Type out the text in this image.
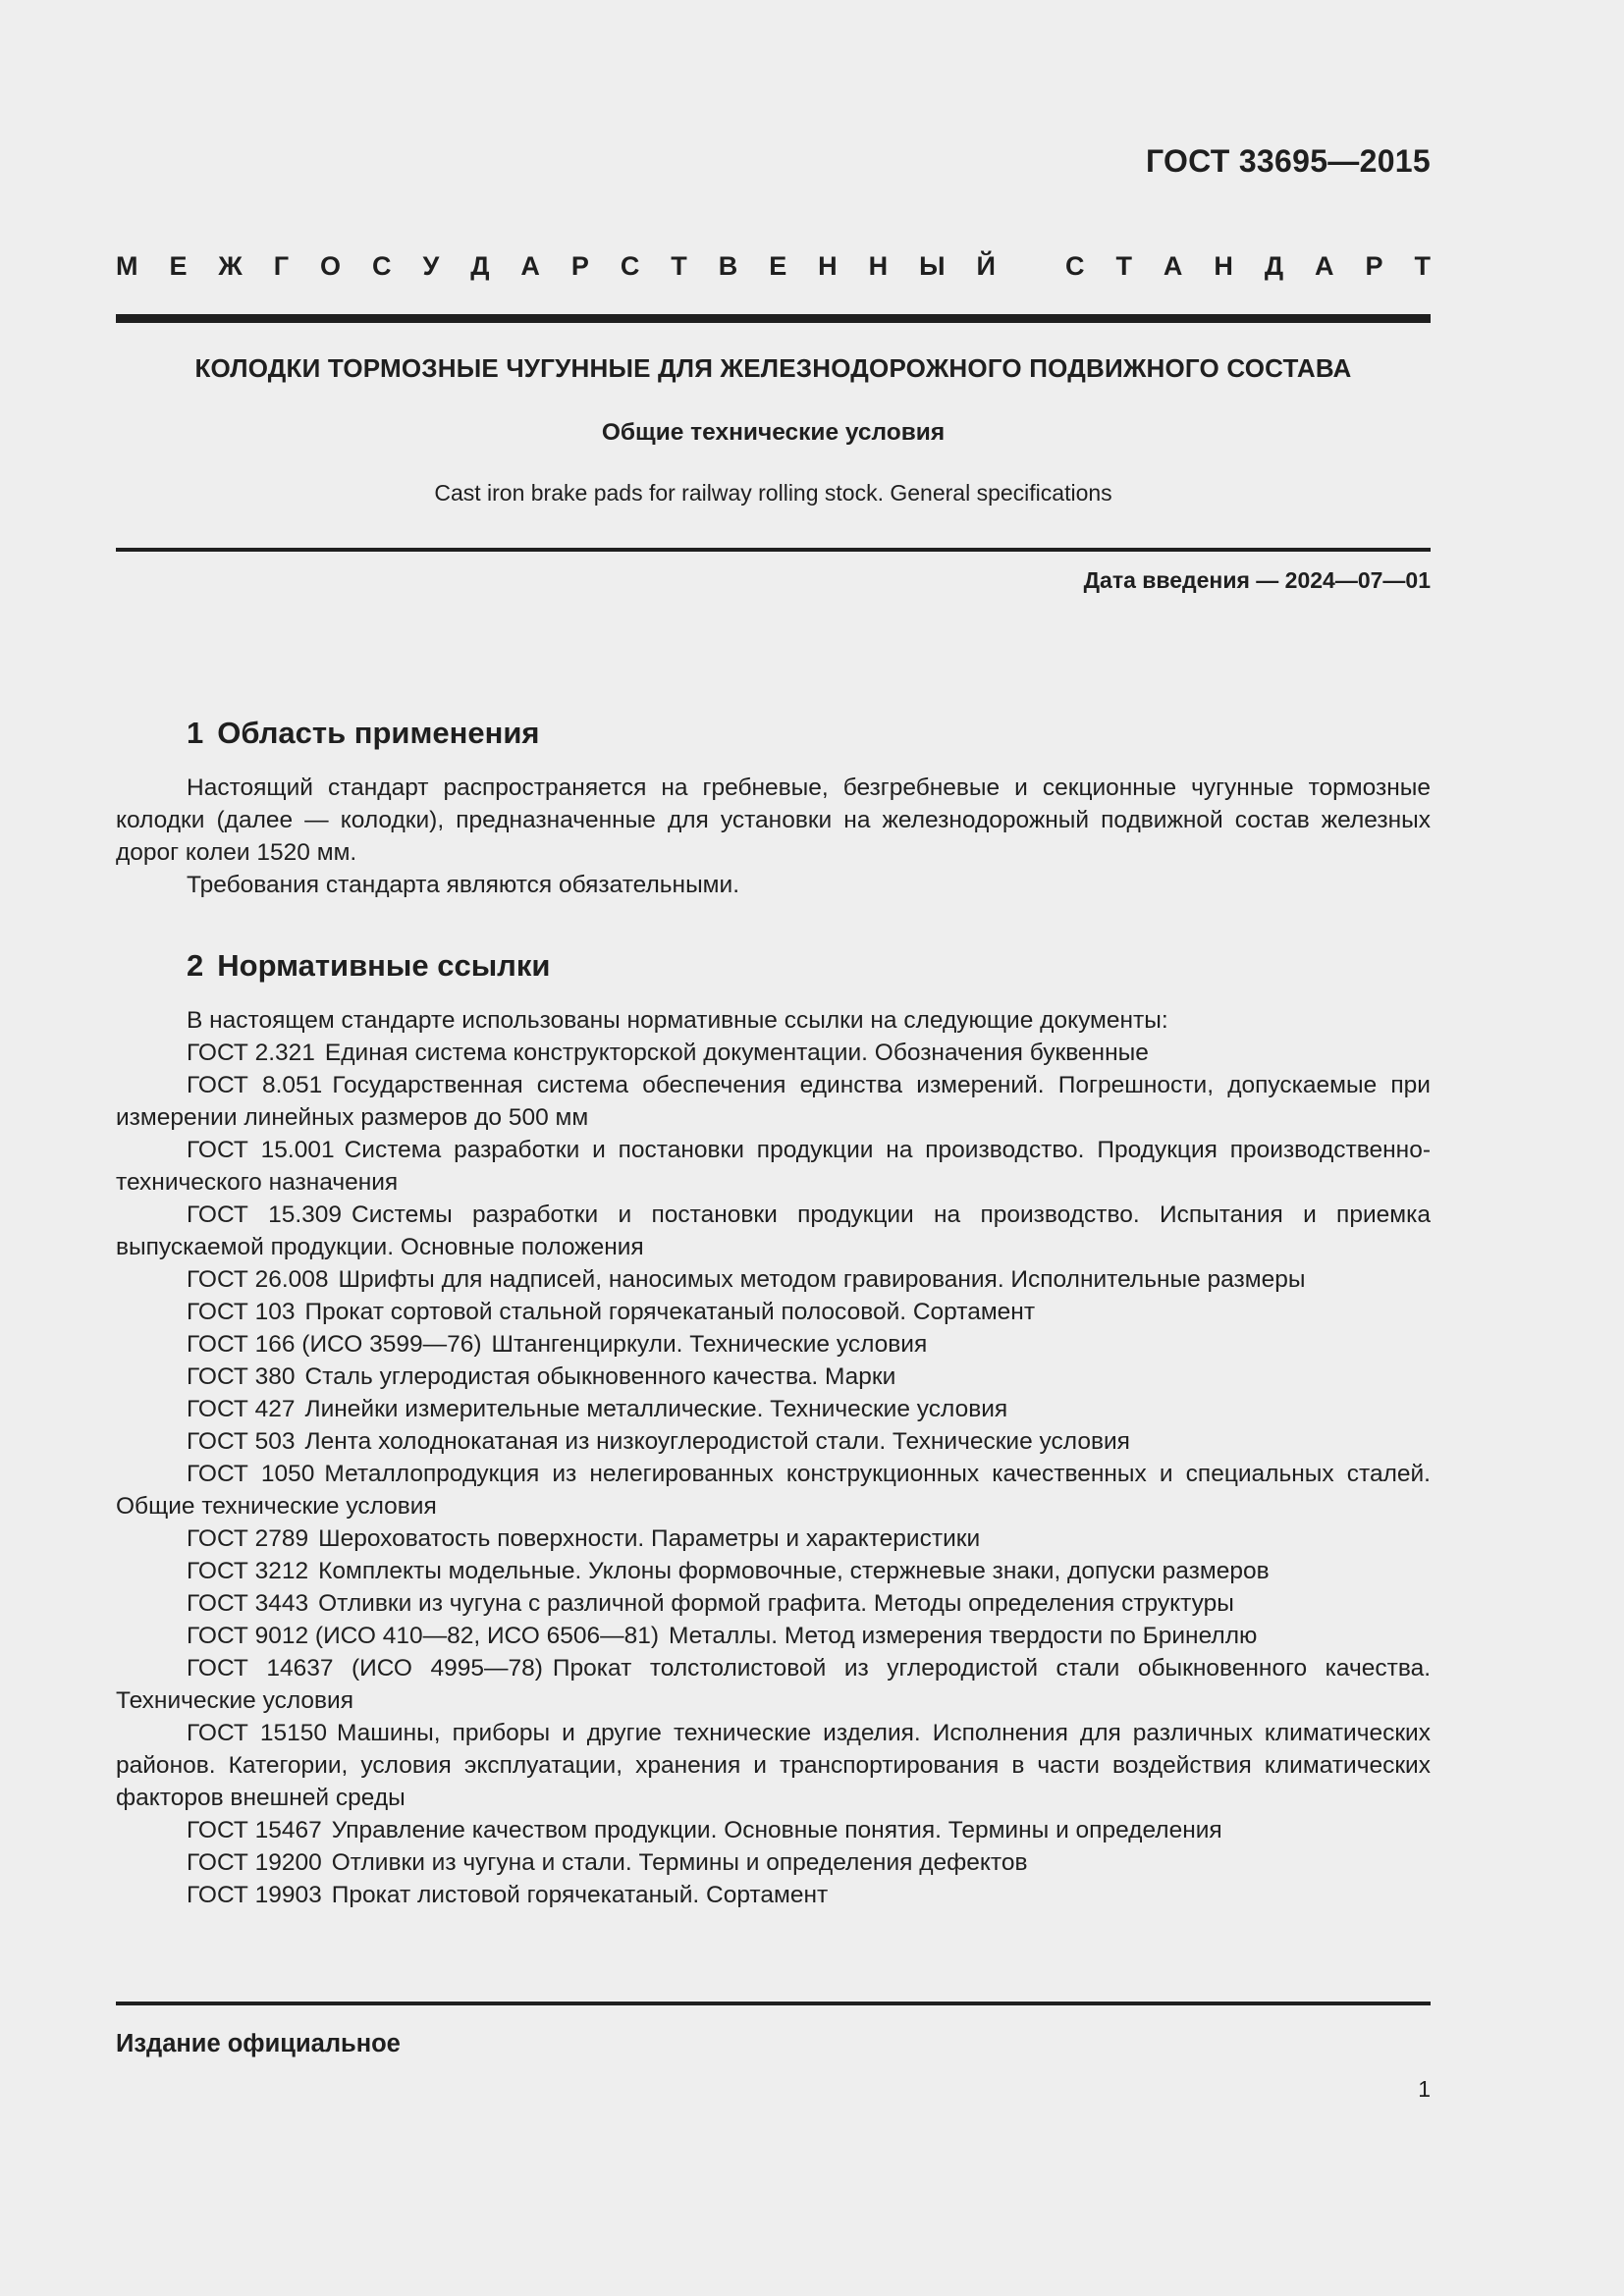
ГОСТ 33695—2015
М Е Ж Г О С У Д А Р С Т В Е Н Н Ы Й	С Т А Н Д А Р Т
КОЛОДКИ ТОРМОЗНЫЕ ЧУГУННЫЕ ДЛЯ ЖЕЛЕЗНОДОРОЖНОГО ПОДВИЖНОГО СОСТАВА
Общие технические условия
Cast iron brake pads for railway rolling stock. General specifications
Дата введения — 2024—07—01
1 Область применения

Настоящий стандарт распространяется на гребневые, безгребневые и секционные чугунные тормозные колодки (далее — колодки), предназначенные для установки на железнодорожный подвижной состав железных дорог колеи 1520 мм.

Требования стандарта являются обязательными.

2 Нормативные ссылки

В настоящем стандарте использованы нормативные ссылки на следующие документы:

ГОСТ 2.321 Единая система конструкторской документации. Обозначения буквенные

ГОСТ 8.051 Государственная система обеспечения единства измерений. Погрешности, допускаемые при измерении линейных размеров до 500 мм

ГОСТ 15.001 Система разработки и постановки продукции на производство. Продукция производственно-технического назначения

ГОСТ 15.309 Системы разработки и постановки продукции на производство. Испытания и приемка выпускаемой продукции. Основные положения

ГОСТ 26.008 Шрифты для надписей, наносимых методом гравирования. Исполнительные размеры

ГОСТ 103 Прокат сортовой стальной горячекатаный полосовой. Сортамент

ГОСТ 166 (ИСО 3599—76) Штангенциркули. Технические условия

ГОСТ 380 Сталь углеродистая обыкновенного качества. Марки

ГОСТ 427 Линейки измерительные металлические. Технические условия

ГОСТ 503 Лента холоднокатаная из низкоуглеродистой стали. Технические условия

ГОСТ 1050 Металлопродукция из нелегированных конструкционных качественных и специальных сталей. Общие технические условия

ГОСТ 2789 Шероховатость поверхности. Параметры и характеристики

ГОСТ 3212 Комплекты модельные. Уклоны формовочные, стержневые знаки, допуски размеров

ГОСТ 3443 Отливки из чугуна с различной формой графита. Методы определения структуры

ГОСТ 9012 (ИСО 410—82, ИСО 6506—81) Металлы. Метод измерения твердости по Бринеллю

ГОСТ 14637 (ИСО 4995—78) Прокат толстолистовой из углеродистой стали обыкновенного качества. Технические условия

ГОСТ 15150 Машины, приборы и другие технические изделия. Исполнения для различных климатических районов. Категории, условия эксплуатации, хранения и транспортирования в части воздействия климатических факторов внешней среды

ГОСТ 15467 Управление качеством продукции. Основные понятия. Термины и определения

ГОСТ 19200 Отливки из чугуна и стали. Термины и определения дефектов

ГОСТ 19903 Прокат листовой горячекатаный. Сортамент

Издание официальное
1
